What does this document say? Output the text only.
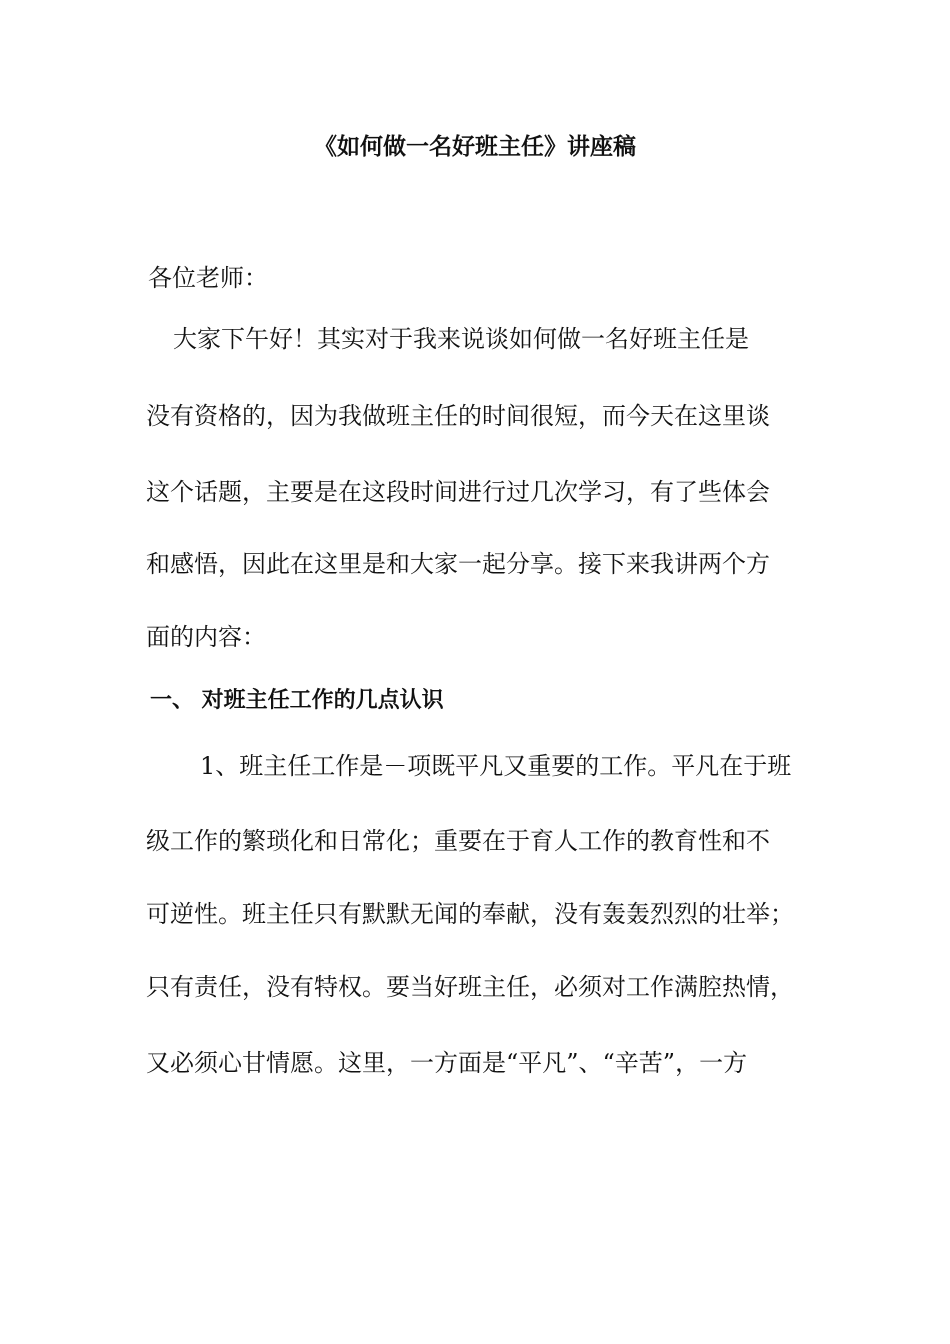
《如何做一名好班主任》讲座稿
各位老师：
大家下午好！其实对于我来说谈如何做一名好班主任是
没有资格的，因为我做班主任的时间很短，而今天在这里谈
这个话题，主要是在这段时间进行过几次学习，有了些体会
和感悟，因此在这里是和大家一起分享。接下来我讲两个方
面的内容：
一、 对班主任工作的几点认识
1、班主任工作是－项既平凡又重要的工作。平凡在于班
级工作的繁琐化和日常化；重要在于育人工作的教育性和不
可逆性。班主任只有默默无闻的奉献，没有轰轰烈烈的壮举；
只有责任，没有特权。要当好班主任，必须对工作满腔热情，
又必须心甘情愿。这里，一方面是“平凡”、“辛苦”，一方
